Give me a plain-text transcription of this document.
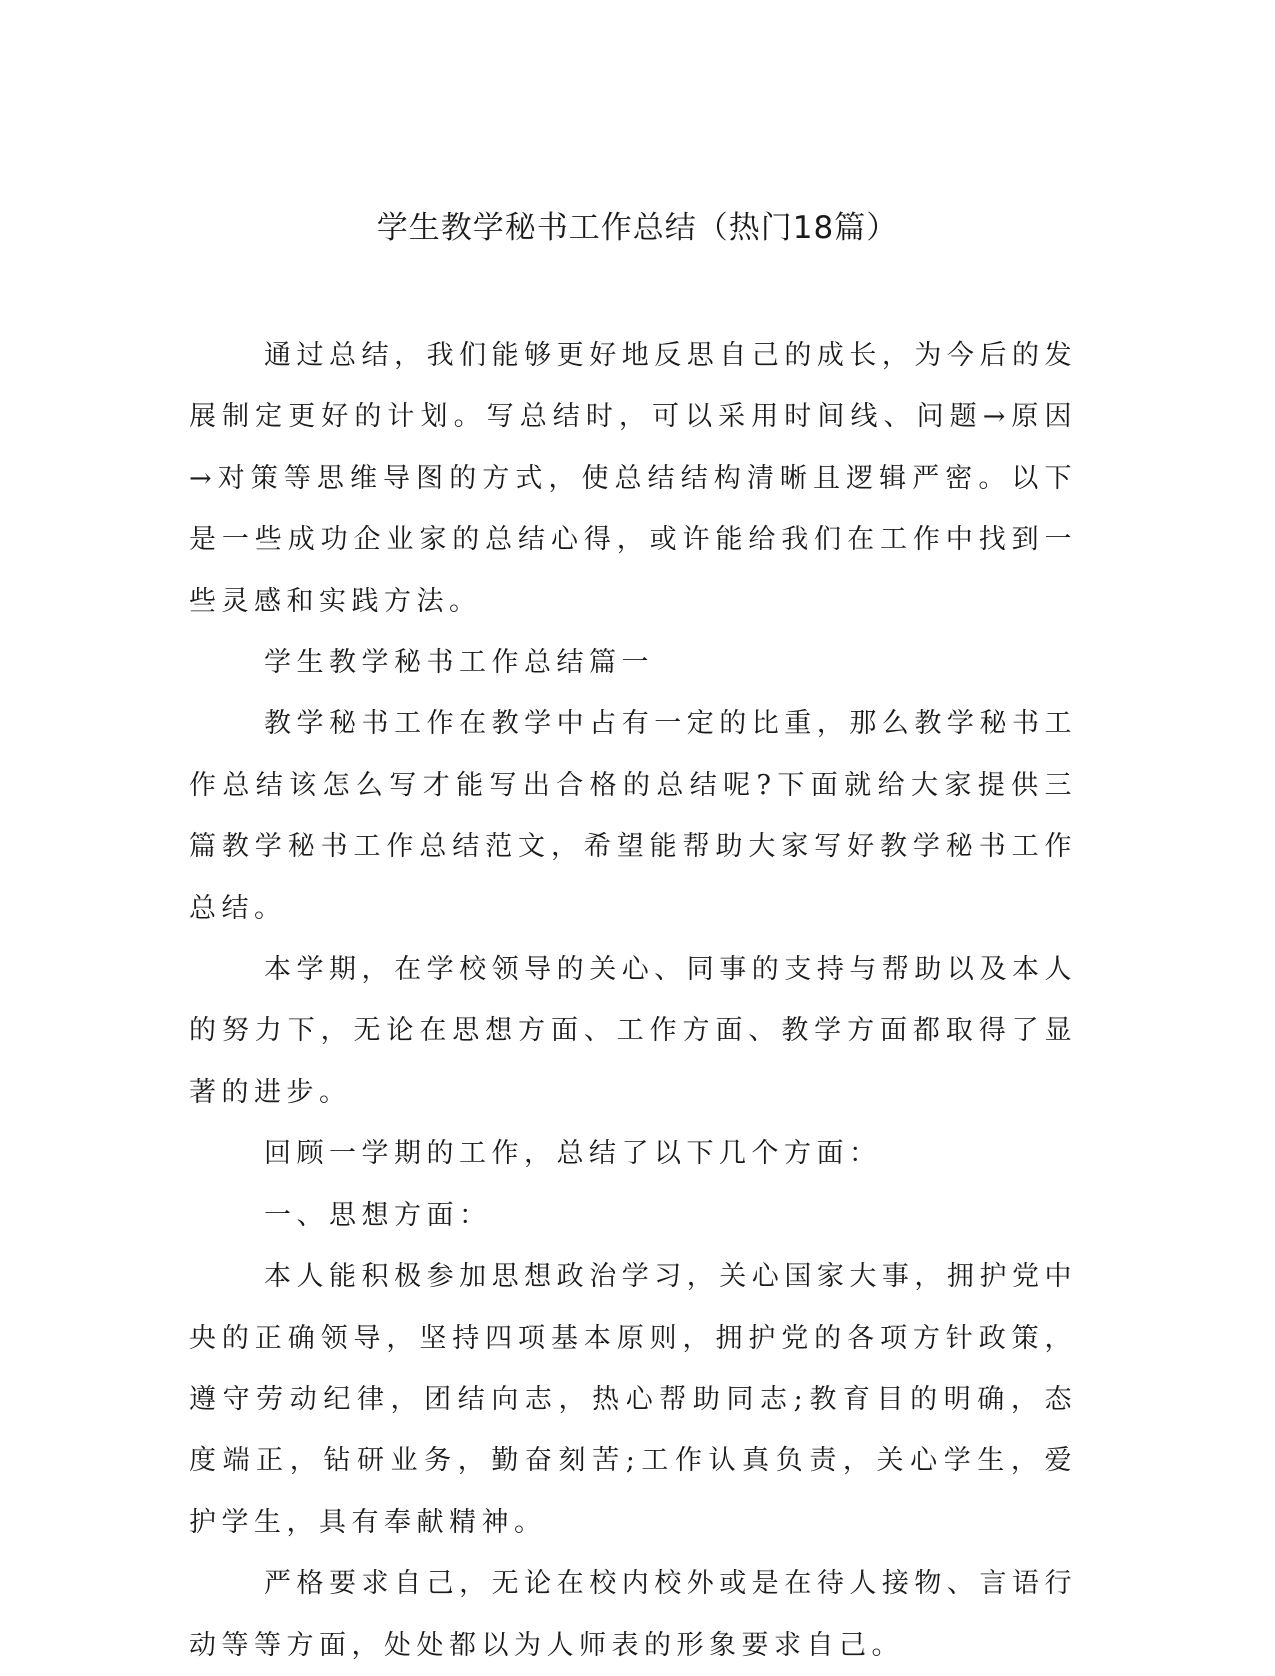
学生教学秘书工作总结（热门18篇）

通过总结，我们能够更好地反思自己的成长，为今后的发展制定更好的计划。写总结时，可以采用时间线、问题→原因→对策等思维导图的方式，使总结结构清晰且逻辑严密。以下是一些成功企业家的总结心得，或许能给我们在工作中找到一些灵感和实践方法。

学生教学秘书工作总结篇一

教学秘书工作在教学中占有一定的比重，那么教学秘书工作总结该怎么写才能写出合格的总结呢?下面就给大家提供三篇教学秘书工作总结范文，希望能帮助大家写好教学秘书工作总结。

本学期，在学校领导的关心、同事的支持与帮助以及本人的努力下，无论在思想方面、工作方面、教学方面都取得了显著的进步。

回顾一学期的工作，总结了以下几个方面：

一、思想方面：

本人能积极参加思想政治学习，关心国家大事，拥护党中央的正确领导，坚持四项基本原则，拥护党的各项方针政策，遵守劳动纪律，团结向志，热心帮助同志;教育目的明确，态度端正，钻研业务，勤奋刻苦;工作认真负责，关心学生，爱护学生，具有奉献精神。

严格要求自己，无论在校内校外或是在待人接物、言语行动等等方面，处处都以为人师表的形象要求自己。
